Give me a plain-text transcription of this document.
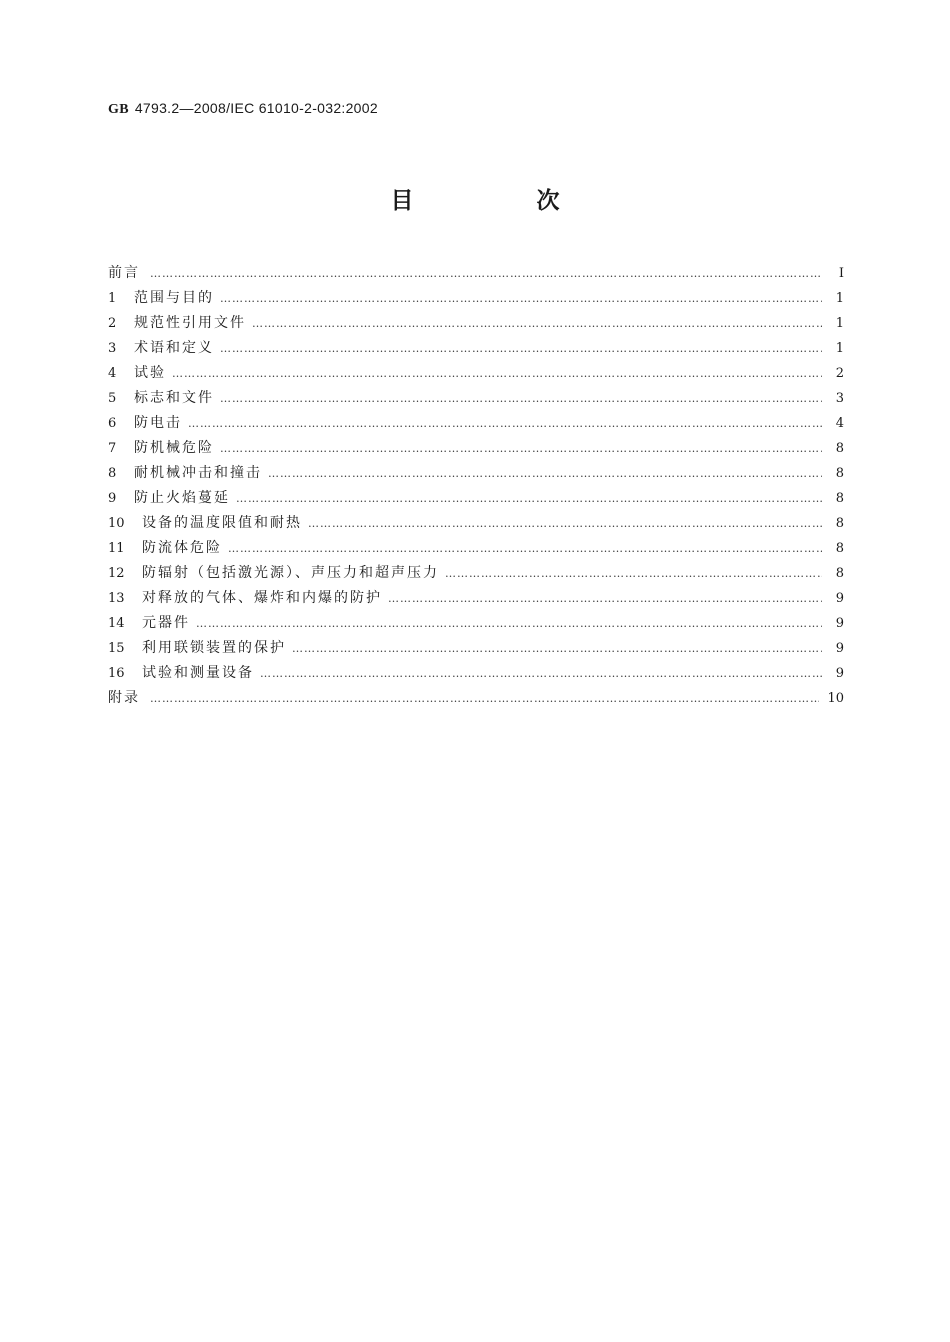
GB 4793.2—2008/IEC 61010-2-032:2002
目　次
前言 ……………………………………………………………………………………………………………………………………………………………………………………………………	I
1	范围与目的 ……………………………………………………………………………………………………………………………………………………………………………………………………	1
2	规范性引用文件 ……………………………………………………………………………………………………………………………………………………………………………………………………	1
3	术语和定义 ……………………………………………………………………………………………………………………………………………………………………………………………………	1
4	试验 ……………………………………………………………………………………………………………………………………………………………………………………………………	2
5	标志和文件 ……………………………………………………………………………………………………………………………………………………………………………………………………	3
6	防电击 ……………………………………………………………………………………………………………………………………………………………………………………………………	4
7	防机械危险 ……………………………………………………………………………………………………………………………………………………………………………………………………	8
8	耐机械冲击和撞击 ……………………………………………………………………………………………………………………………………………………………………………………………………	8
9	防止火焰蔓延 ……………………………………………………………………………………………………………………………………………………………………………………………………	8
10	设备的温度限值和耐热 ……………………………………………………………………………………………………………………………………………………………………………………………………	8
11	防流体危险 ……………………………………………………………………………………………………………………………………………………………………………………………………	8
12	防辐射（包括激光源）、声压力和超声压力 ……………………………………………………………………………………………………………………………………………………………………………………………………	8
13	对释放的气体、爆炸和内爆的防护 ……………………………………………………………………………………………………………………………………………………………………………………………………	9
14	元器件 ……………………………………………………………………………………………………………………………………………………………………………………………………	9
15	利用联锁装置的保护 ……………………………………………………………………………………………………………………………………………………………………………………………………	9
16	试验和测量设备 ……………………………………………………………………………………………………………………………………………………………………………………………………	9
附录 ……………………………………………………………………………………………………………………………………………………………………………………………………	10
